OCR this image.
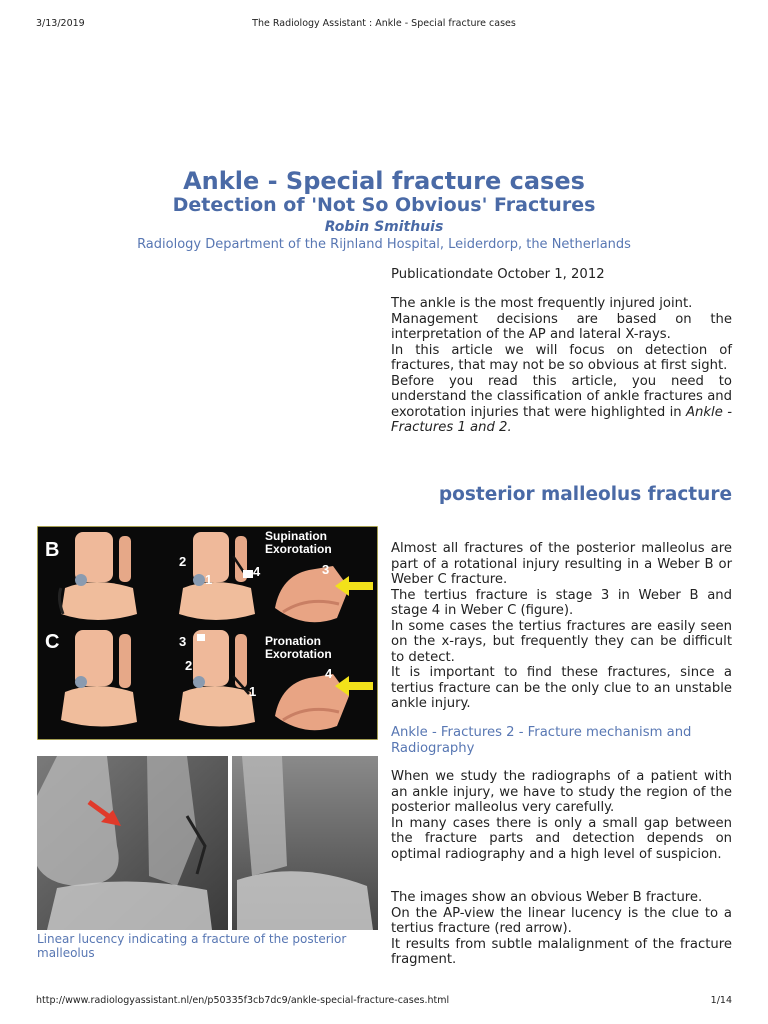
3/13/2019	The Radiology Assistant : Ankle - Special fracture cases
Ankle - Special fracture cases
Detection of 'Not So Obvious' Fractures
Robin Smithuis
Radiology Department of the Rijnland Hospital, Leiderdorp, the Netherlands
Publicationdate October 1, 2012

The ankle is the most frequently injured joint.

Management decisions are based on the interpretation of the AP and lateral X-rays.

In this article we will focus on detection of fractures, that may not be so obvious at first sight.

Before you read this article, you need to understand the classification of ankle fractures and exorotation injuries that were highlighted in Ankle - Fractures 1 and 2.

posterior malleolus fracture

Almost all fractures of the posterior malleolus are part of a rotational injury resulting in a Weber B or Weber C fracture.

The tertius fracture is stage 3 in Weber B and stage 4 in Weber C (figure).

In some cases the tertius fractures are easily seen on the x-rays, but frequently they can be difficult to detect.

It is important to find these fractures, since a tertius fracture can be the only clue to an unstable ankle injury.

Ankle - Fractures 2 - Fracture mechanism and Radiography

When we study the radiographs of a patient with an ankle injury, we have to study the region of the posterior malleolus very carefully.

In many cases there is only a small gap between the fracture parts and detection depends on optimal radiography and a high level of suspicion.

The images show an obvious Weber B fracture.

On the AP-view the linear lucency is the clue to a tertius fracture (red arrow).

It results from subtle malalignment of the fracture fragment.

B
C
Supination
Exorotation
Pronation
Exorotation
2
1
4	3
3
2
1
4
Linear lucency indicating a fracture of the posterior malleolus
http://www.radiologyassistant.nl/en/p50335f3cb7dc9/ankle-special-fracture-cases.html	1/14
